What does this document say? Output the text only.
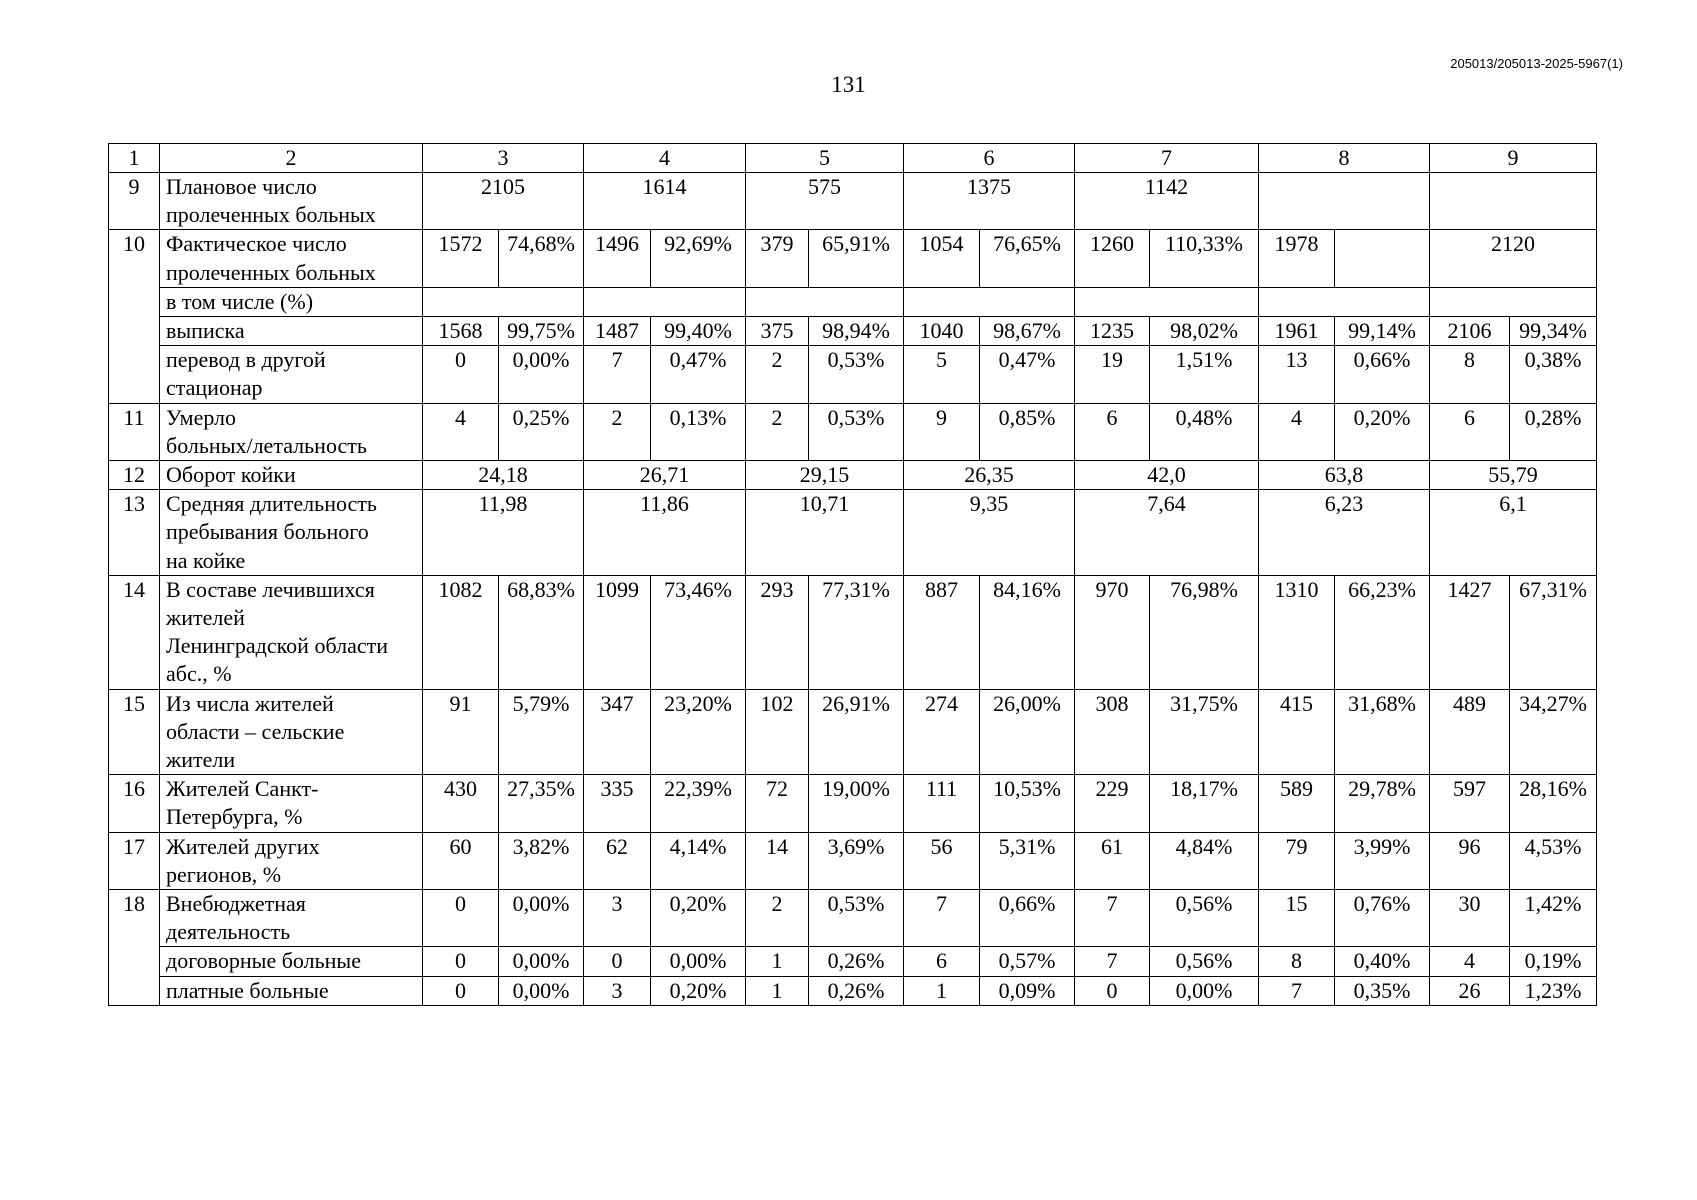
205013/205013-2025-5967(1)
131
1	2	3		4		5		6		7		8		9	
9	Плановое число
пролеченных больных	2105		1614		575		1375		1142					
10	Фактическое число
пролеченных больных	1572	74,68%	1496	92,69%	379	65,91%	1054	76,65%	1260	110,33%	1978		2120	
	в том числе (%)														
	выписка	1568	99,75%	1487	99,40%	375	98,94%	1040	98,67%	1235	98,02%	1961	99,14%	2106	99,34%
	перевод в другой
стационар	0	0,00%	7	0,47%	2	0,53%	5	0,47%	19	1,51%	13	0,66%	8	0,38%
11	Умерло
больных/летальность	4	0,25%	2	0,13%	2	0,53%	9	0,85%	6	0,48%	4	0,20%	6	0,28%
12	Оборот койки	24,18		26,71		29,15		26,35		42,0		63,8		55,79	
13	Средняя длительность
пребывания больного
на койке	11,98		11,86		10,71		9,35		7,64		6,23		6,1	
14	В составе лечившихся
жителей
Ленинградской области
абс., %	1082	68,83%	1099	73,46%	293	77,31%	887	84,16%	970	76,98%	1310	66,23%	1427	67,31%
15	Из числа жителей
области – сельские
жители	91	5,79%	347	23,20%	102	26,91%	274	26,00%	308	31,75%	415	31,68%	489	34,27%
16	Жителей Санкт-
Петербурга, %	430	27,35%	335	22,39%	72	19,00%	111	10,53%	229	18,17%	589	29,78%	597	28,16%
17	Жителей других
регионов, %	60	3,82%	62	4,14%	14	3,69%	56	5,31%	61	4,84%	79	3,99%	96	4,53%
18	Внебюджетная
деятельность	0	0,00%	3	0,20%	2	0,53%	7	0,66%	7	0,56%	15	0,76%	30	1,42%
	договорные больные	0	0,00%	0	0,00%	1	0,26%	6	0,57%	7	0,56%	8	0,40%	4	0,19%
	платные больные	0	0,00%	3	0,20%	1	0,26%	1	0,09%	0	0,00%	7	0,35%	26	1,23%
